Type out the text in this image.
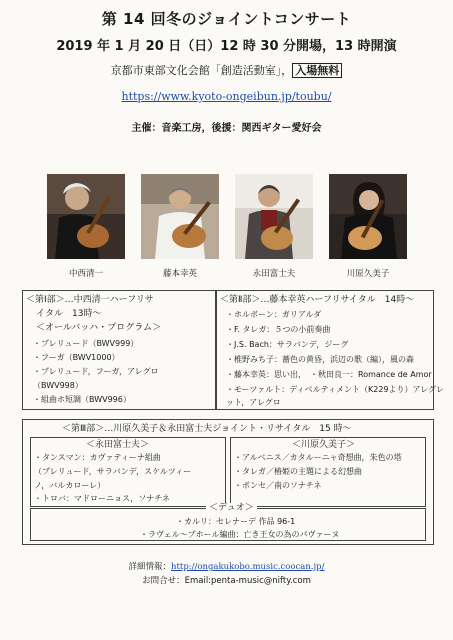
第 14 回冬のジョイントコンサート
2019 年 1 月 20 日（日）12 時 30 分開場，13 時開演
京都市東部文化会館「創造活動室」， 入場無料
https://www.kyoto-ongeibun.jp/toubu/
主催：音楽工房，後援：関西ギター愛好会
中西清一	藤本幸英	永田富士夫	川原久美子
＜第Ⅰ部＞…中西清一ハーフリサ
イタル　13時～
＜オールバッハ・プログラム＞
・プレリュード（BWV999）
・フーガ（BWV1000）
・プレリュード，フーガ，アレグロ
（BWV998）
・組曲ホ短調（BWV996）
＜第Ⅱ部＞…藤本幸英ハーフリサイタル　14時～
・ホルボーン：ガリアルダ
・F. タレガ：５つの小前奏曲
・J.S. Bach：サラバンデ，ジーグ
・椎野みち子：薔色の黄昏，浜辺の歌（編），風の森
・藤本幸英：思い出，　・秋田良一：Romance de Amor
・モーツァルト：ディベルティメント（K229より）アレグレ
ット，アレグロ
＜第Ⅲ部＞…川原久美子＆永田富士夫ジョイント・リサイタル　15 時～
＜永田富士夫＞
・タンスマン：カヴァティーナ組曲
（プレリュード，サラバンデ，スケルツィー
ノ，バルカローレ）
・トロバ：マドローニョス，ソナチネ
＜川原久美子＞
・アルベニス／カタルーニャ奇想曲，朱色の塔
・タレガ／椿姫の主題による幻想曲
・ポンセ／南のソナチネ
＜デュオ＞
・カルリ：セレナーデ 作品 96-1
・ラヴェル～プホール編曲：亡き王女の為のパヴァーヌ
詳細情報：http://ongakukobo.music.coocan.jp/
お問合せ：Email:penta-music@nifty.com
